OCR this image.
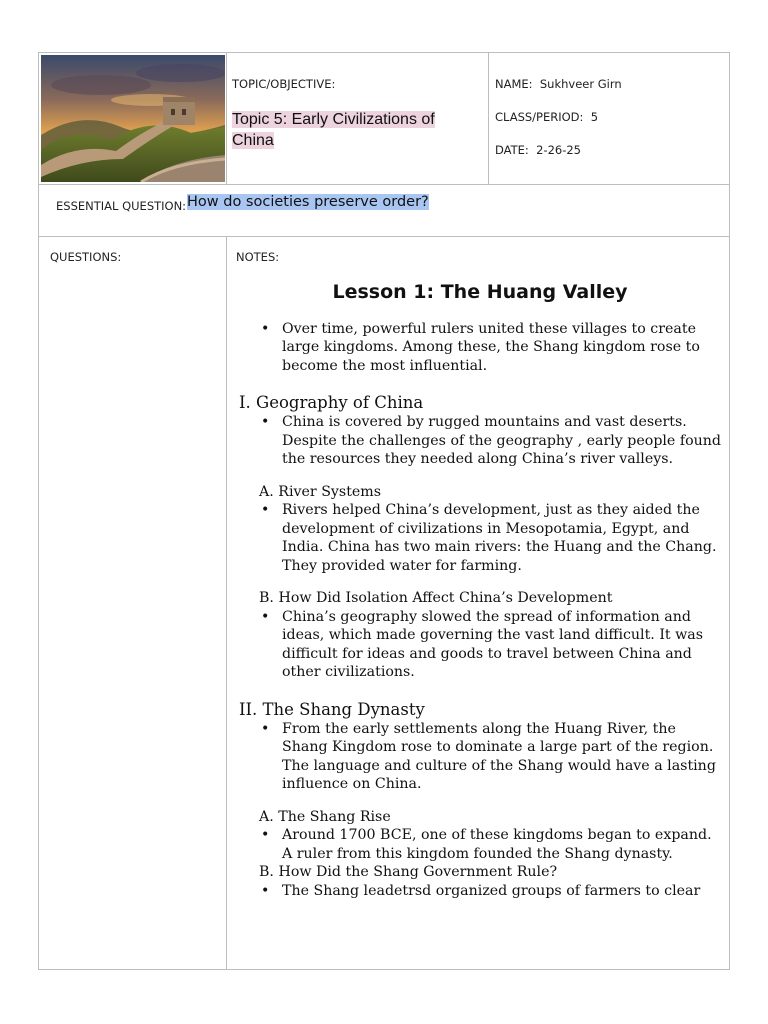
TOPIC/OBJECTIVE:
Topic 5: Early Civilizations of China
NAME: Sukhveer Girn
CLASS/PERIOD: 5
DATE: 2-26-25
ESSENTIAL QUESTION: How do societies preserve order?
QUESTIONS:	NOTES:
Lesson 1: The Huang Valley
• Over time, powerful rulers united these villages to create large kingdoms. Among these, the Shang kingdom rose to become the most influential.
I. Geography of China
• China is covered by rugged mountains and vast deserts. Despite the challenges of the geography , early people found the resources they needed along China’s river valleys.
A. River Systems
• Rivers helped China’s development, just as they aided the development of civilizations in Mesopotamia, Egypt, and India. China has two main rivers: the Huang and the Chang. They provided water for farming.
B. How Did Isolation Affect China’s Development
• China’s geography slowed the spread of information and ideas, which made governing the vast land difficult. It was difficult for ideas and goods to travel between China and other civilizations.
II. The Shang Dynasty
• From the early settlements along the Huang River, the Shang Kingdom rose to dominate a large part of the region. The language and culture of the Shang would have a lasting influence on China.
A. The Shang Rise
• Around 1700 BCE, one of these kingdoms began to expand. A ruler from this kingdom founded the Shang dynasty.
B. How Did the Shang Government Rule?
• The Shang leadetrsd organized groups of farmers to clear
